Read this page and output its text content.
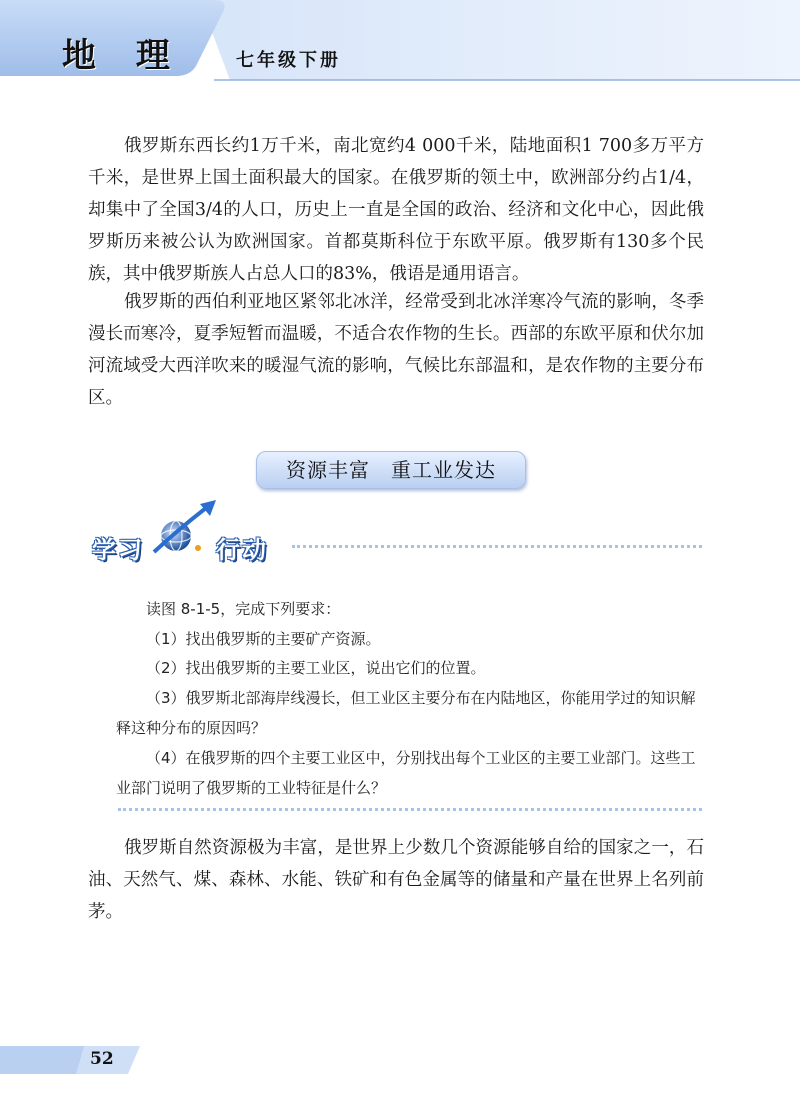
地 理	七年级下册

俄罗斯东西长约1万千米，南北宽约4 000千米，陆地面积1 700多万平方千米，是世界上国土面积最大的国家。在俄罗斯的领土中，欧洲部分约占1/4，却集中了全国3/4的人口，历史上一直是全国的政治、经济和文化中心，因此俄罗斯历来被公认为欧洲国家。首都莫斯科位于东欧平原。俄罗斯有130多个民族，其中俄罗斯族人占总人口的83%，俄语是通用语言。

俄罗斯的西伯利亚地区紧邻北冰洋，经常受到北冰洋寒冷气流的影响，冬季漫长而寒冷，夏季短暂而温暖，不适合农作物的生长。西部的东欧平原和伏尔加河流域受大西洋吹来的暖湿气流的影响，气候比东部温和，是农作物的主要分布区。

资源丰富　重工业发达
学习	行动

读图 8-1-5，完成下列要求：

（1）找出俄罗斯的主要矿产资源。

（2）找出俄罗斯的主要工业区，说出它们的位置。

（3）俄罗斯北部海岸线漫长，但工业区主要分布在内陆地区，你能用学过的知识解释这种分布的原因吗？

（4）在俄罗斯的四个主要工业区中，分别找出每个工业区的主要工业部门。这些工业部门说明了俄罗斯的工业特征是什么？

俄罗斯自然资源极为丰富，是世界上少数几个资源能够自给的国家之一，石油、天然气、煤、森林、水能、铁矿和有色金属等的储量和产量在世界上名列前茅。

52
